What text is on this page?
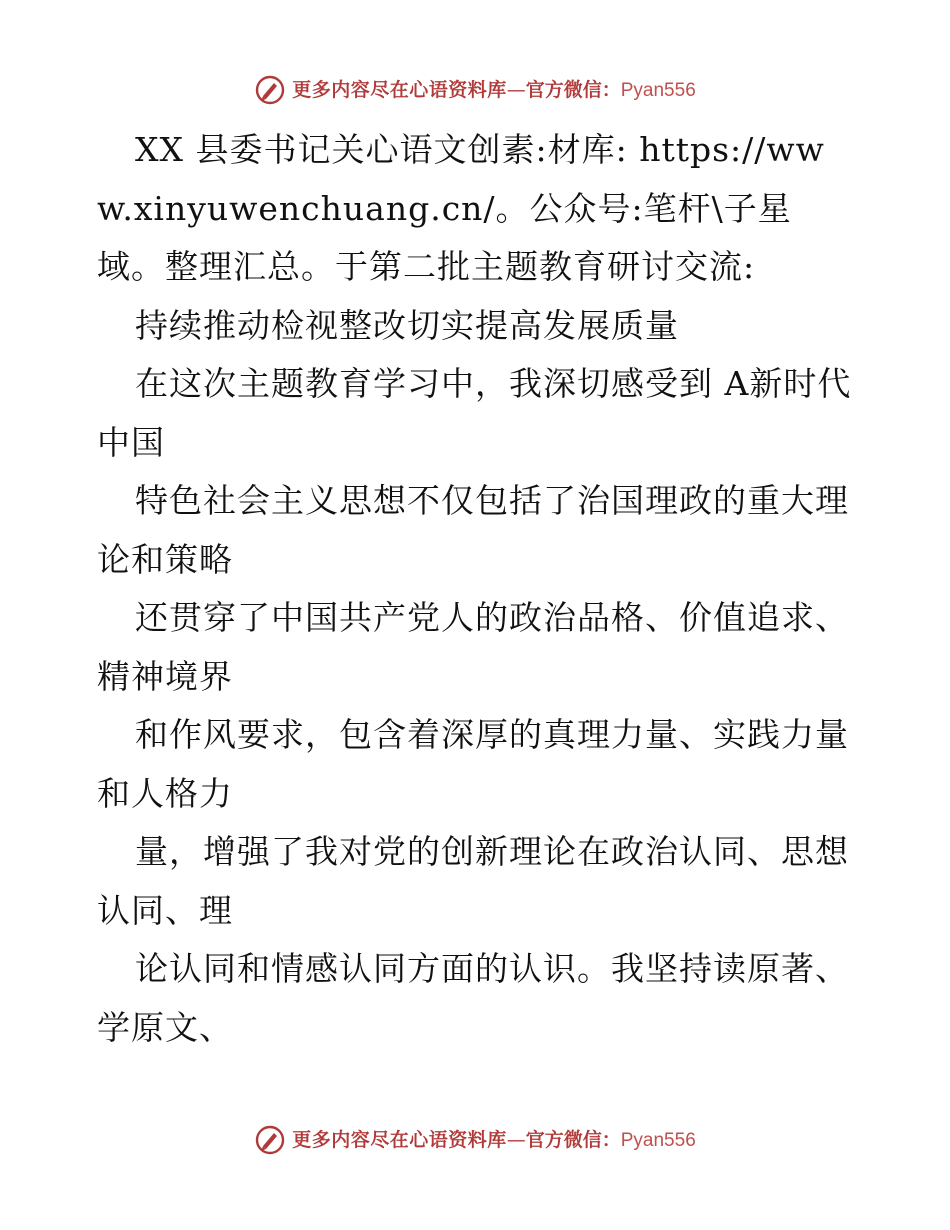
更多内容尽在心语资料库—官方微信：Pyan556

XX 县委书记关心语文创素:材库: https://www.xinyuwenchuang.cn/。公众号:笔杆\子星域。整理汇总。于第二批主题教育研讨交流:

持续推动检视整改切实提高发展质量

在这次主题教育学习中，我深切感受到 A新时代中国

特色社会主义思想不仅包括了治国理政的重大理论和策略

还贯穿了中国共产党人的政治品格、价值追求、精神境界

和作风要求，包含着深厚的真理力量、实践力量和人格力

量，增强了我对党的创新理论在政治认同、思想认同、理

论认同和情感认同方面的认识。我坚持读原著、学原文、

更多内容尽在心语资料库—官方微信：Pyan556
